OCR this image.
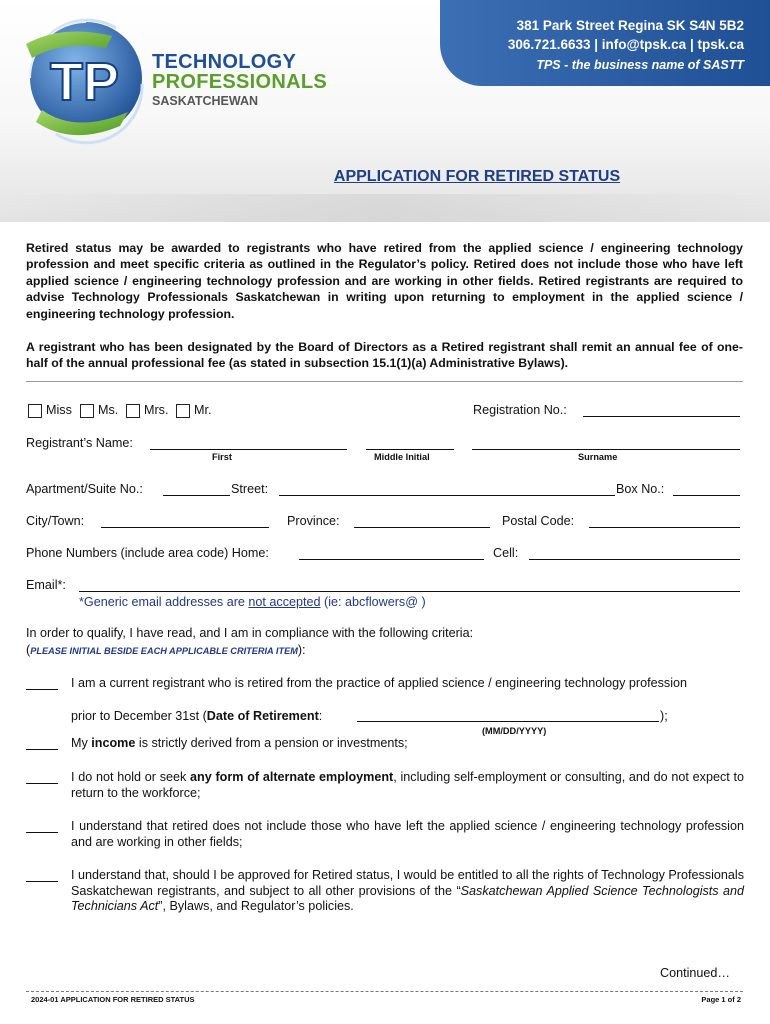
TP TECHNOLOGY
PROFESSIONALS
SASKATCHEWAN
381 Park Street Regina SK S4N 5B2
306.721.6633 | info@tpsk.ca | tpsk.ca
TPS - the business name of SASTT
APPLICATION FOR RETIRED STATUS
Retired status may be awarded to registrants who have retired from the applied science / engineering technology profession and meet specific criteria as outlined in the Regulator’s policy. Retired does not include those who have left applied science / engineering technology profession and are working in other fields. Retired registrants are required to advise Technology Professionals Saskatchewan in writing upon returning to employment in the applied science / engineering technology profession.
A registrant who has been designated by the Board of Directors as a Retired registrant shall remit an annual fee of one-half of the annual professional fee (as stated in subsection 15.1(1)(a) Administrative Bylaws).
Miss Ms. Mrs. Mr.	Registration No.:
Registrant’s Name:
First	Middle Initial	Surname
Apartment/Suite No.:	Street:	Box No.:
City/Town:	Province:	Postal Code:
Phone Numbers (include area code) Home:	Cell:
Email*:
*Generic email addresses are not accepted (ie: abcflowers@ )
In order to qualify, I have read, and I am in compliance with the following criteria:
(PLEASE INITIAL BESIDE EACH APPLICABLE CRITERIA ITEM):
I am a current registrant who is retired from the practice of applied science / engineering technology profession
prior to December 31st (Date of Retirement:	);
(MM/DD/YYYY)
My income is strictly derived from a pension or investments;
I do not hold or seek any form of alternate employment, including self-employment or consulting, and do not expect to return to the workforce;
I understand that retired does not include those who have left the applied science / engineering technology profession and are working in other fields;
I understand that, should I be approved for Retired status, I would be entitled to all the rights of Technology Professionals Saskatchewan registrants, and subject to all other provisions of the “Saskatchewan Applied Science Technologists and Technicians Act”, Bylaws, and Regulator’s policies.
Continued…
2024-01 APPLICATION FOR RETIRED STATUS	Page 1 of 2
